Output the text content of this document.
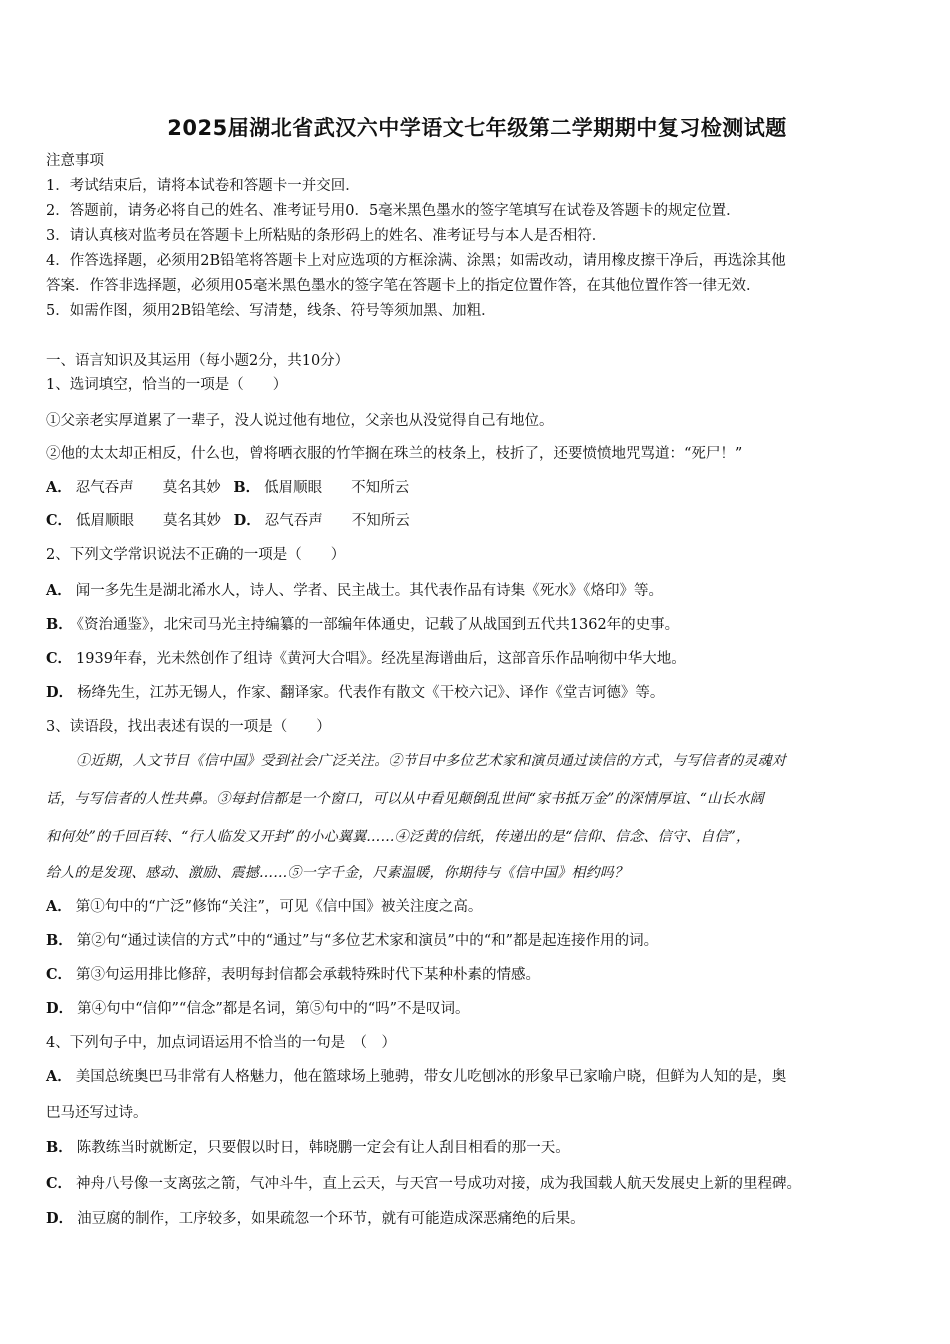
2025届湖北省武汉六中学语文七年级第二学期期中复习检测试题
注意事项
1．考试结束后，请将本试卷和答题卡一并交回．
2．答题前，请务必将自己的姓名、准考证号用0．5毫米黑色墨水的签字笔填写在试卷及答题卡的规定位置．
3．请认真核对监考员在答题卡上所粘贴的条形码上的姓名、准考证号与本人是否相符．
4．作答选择题，必须用2B铅笔将答题卡上对应选项的方框涂满、涂黑；如需改动，请用橡皮擦干净后，再选涂其他
答案．作答非选择题，必须用05毫米黑色墨水的签字笔在答题卡上的指定位置作答，在其他位置作答一律无效．
5．如需作图，须用2B铅笔绘、写清楚，线条、符号等须加黑、加粗．
一、语言知识及其运用（每小题2分，共10分）
1、选词填空，恰当的一项是（　　）
①父亲老实厚道累了一辈子，没人说过他有地位，父亲也从没觉得自己有地位。
②他的太太却正相反，什么也，曾将晒衣服的竹竿搁在珠兰的枝条上，枝折了，还要愤愤地咒骂道：“死尸！”
A． 忍气吞声　　莫名其妙 B． 低眉顺眼　　不知所云
C． 低眉顺眼　　莫名其妙 D． 忍气吞声　　不知所云
2、下列文学常识说法不正确的一项是（　　）
A． 闻一多先生是湖北浠水人，诗人、学者、民主战士。其代表作品有诗集《死水》《烙印》等。
B． 《资治通鉴》，北宋司马光主持编纂的一部编年体通史，记载了从战国到五代共1362年的史事。
C． 1939年春，光未然创作了组诗《黄河大合唱》。经冼星海谱曲后，这部音乐作品响彻中华大地。
D． 杨绛先生，江苏无锡人，作家、翻译家。代表作有散文《干校六记》、译作《堂吉诃德》等。
3、读语段，找出表述有误的一项是（　　）
①近期，人文节目《信中国》受到社会广泛关注。②节目中多位艺术家和演员通过读信的方式，与写信者的灵魂对
话，与写信者的人性共鼻。③每封信都是一个窗口，可以从中看见颠倒乱世间“家书抵万金”的深情厚谊、“山长水阔
和何处”的千回百转、“行人临发又开封”的小心翼翼……④泛黄的信纸，传递出的是“信仰、信念、信守、自信”，
给人的是发现、感动、激励、震撼……⑤一字千金，尺素温暖，你期待与《信中国》相约吗？
A． 第①句中的“广泛”修饰“关注”，可见《信中国》被关注度之高。
B． 第②句“通过读信的方式”中的“通过”与“多位艺术家和演员”中的“和”都是起连接作用的词。
C． 第③句运用排比修辞，表明每封信都会承载特殊时代下某种朴素的情感。
D． 第④句中“信仰”“信念”都是名词，第⑤句中的“吗”不是叹词。
4、下列句子中，加点词语运用不恰当的一句是　（　）
A． 美国总统奥巴马非常有人格魅力，他在篮球场上驰骋，带女儿吃刨冰的形象早已家喻户晓，但鲜为人知的是，奥
巴马还写过诗。
B． 陈教练当时就断定，只要假以时日，韩晓鹏一定会有让人刮目相看的那一天。
C． 神舟八号像一支离弦之箭，气冲斗牛，直上云天，与天宫一号成功对接，成为我国载人航天发展史上新的里程碑。
D． 油豆腐的制作，工序较多，如果疏忽一个环节，就有可能造成深恶痛绝的后果。
